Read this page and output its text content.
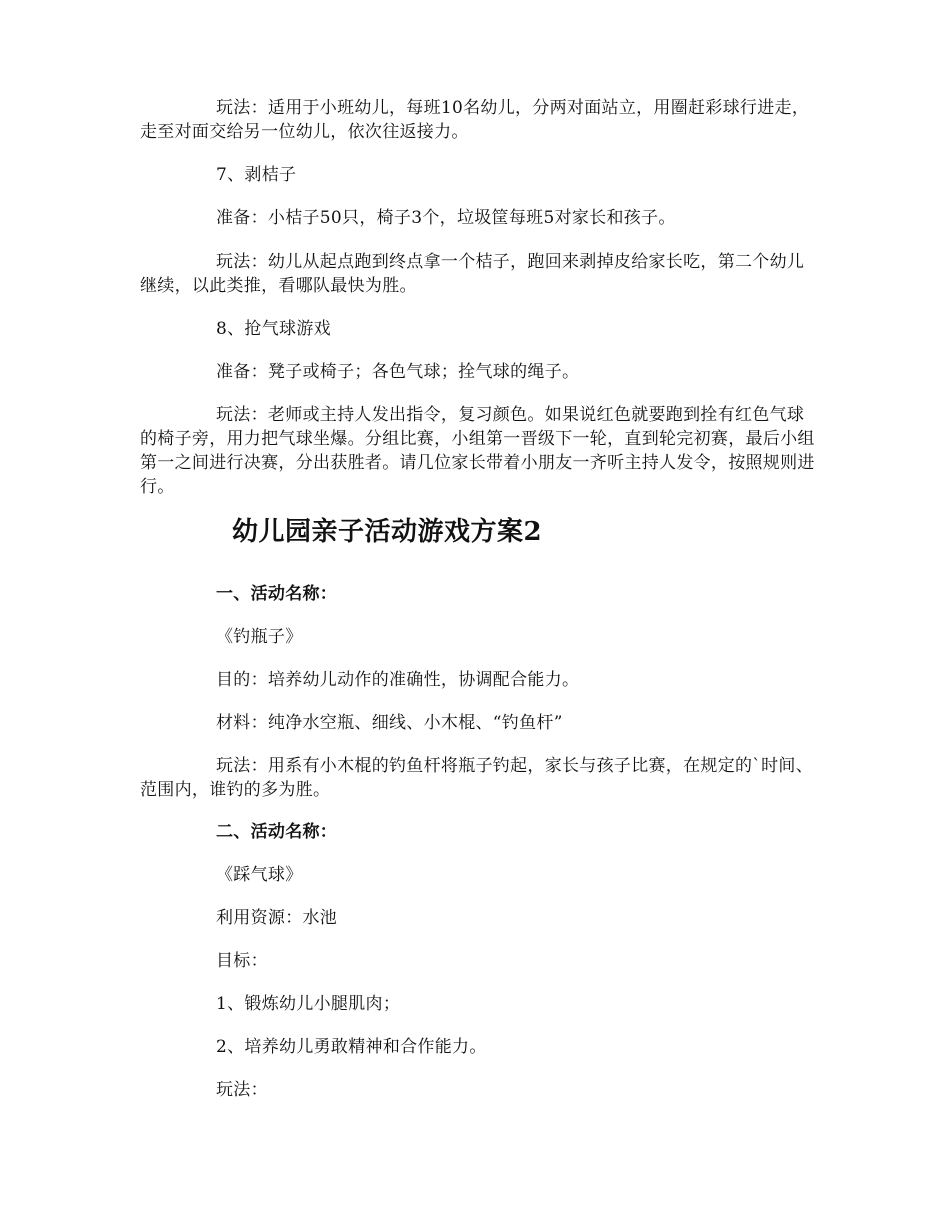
玩法：适用于小班幼儿，每班10名幼儿，分两对面站立，用圈赶彩球行进走，走至对面交给另一位幼儿，依次往返接力。

7、剥桔子

准备：小桔子50只，椅子3个，垃圾筐每班5对家长和孩子。

玩法：幼儿从起点跑到终点拿一个桔子，跑回来剥掉皮给家长吃，第二个幼儿继续，以此类推，看哪队最快为胜。

8、抢气球游戏

准备：凳子或椅子；各色气球；拴气球的绳子。

玩法：老师或主持人发出指令，复习颜色。如果说红色就要跑到拴有红色气球的椅子旁，用力把气球坐爆。分组比赛，小组第一晋级下一轮，直到轮完初赛，最后小组第一之间进行决赛，分出获胜者。请几位家长带着小朋友一齐听主持人发令，按照规则进行。

幼儿园亲子活动游戏方案2

一、活动名称：

《钓瓶子》

目的：培养幼儿动作的准确性，协调配合能力。

材料：纯净水空瓶、细线、小木棍、“钓鱼杆”

玩法：用系有小木棍的钓鱼杆将瓶子钓起，家长与孩子比赛，在规定的`时间、范围内，谁钓的多为胜。

二、活动名称：

《踩气球》

利用资源：水池

目标：

1、锻炼幼儿小腿肌肉；

2、培养幼儿勇敢精神和合作能力。

玩法：
